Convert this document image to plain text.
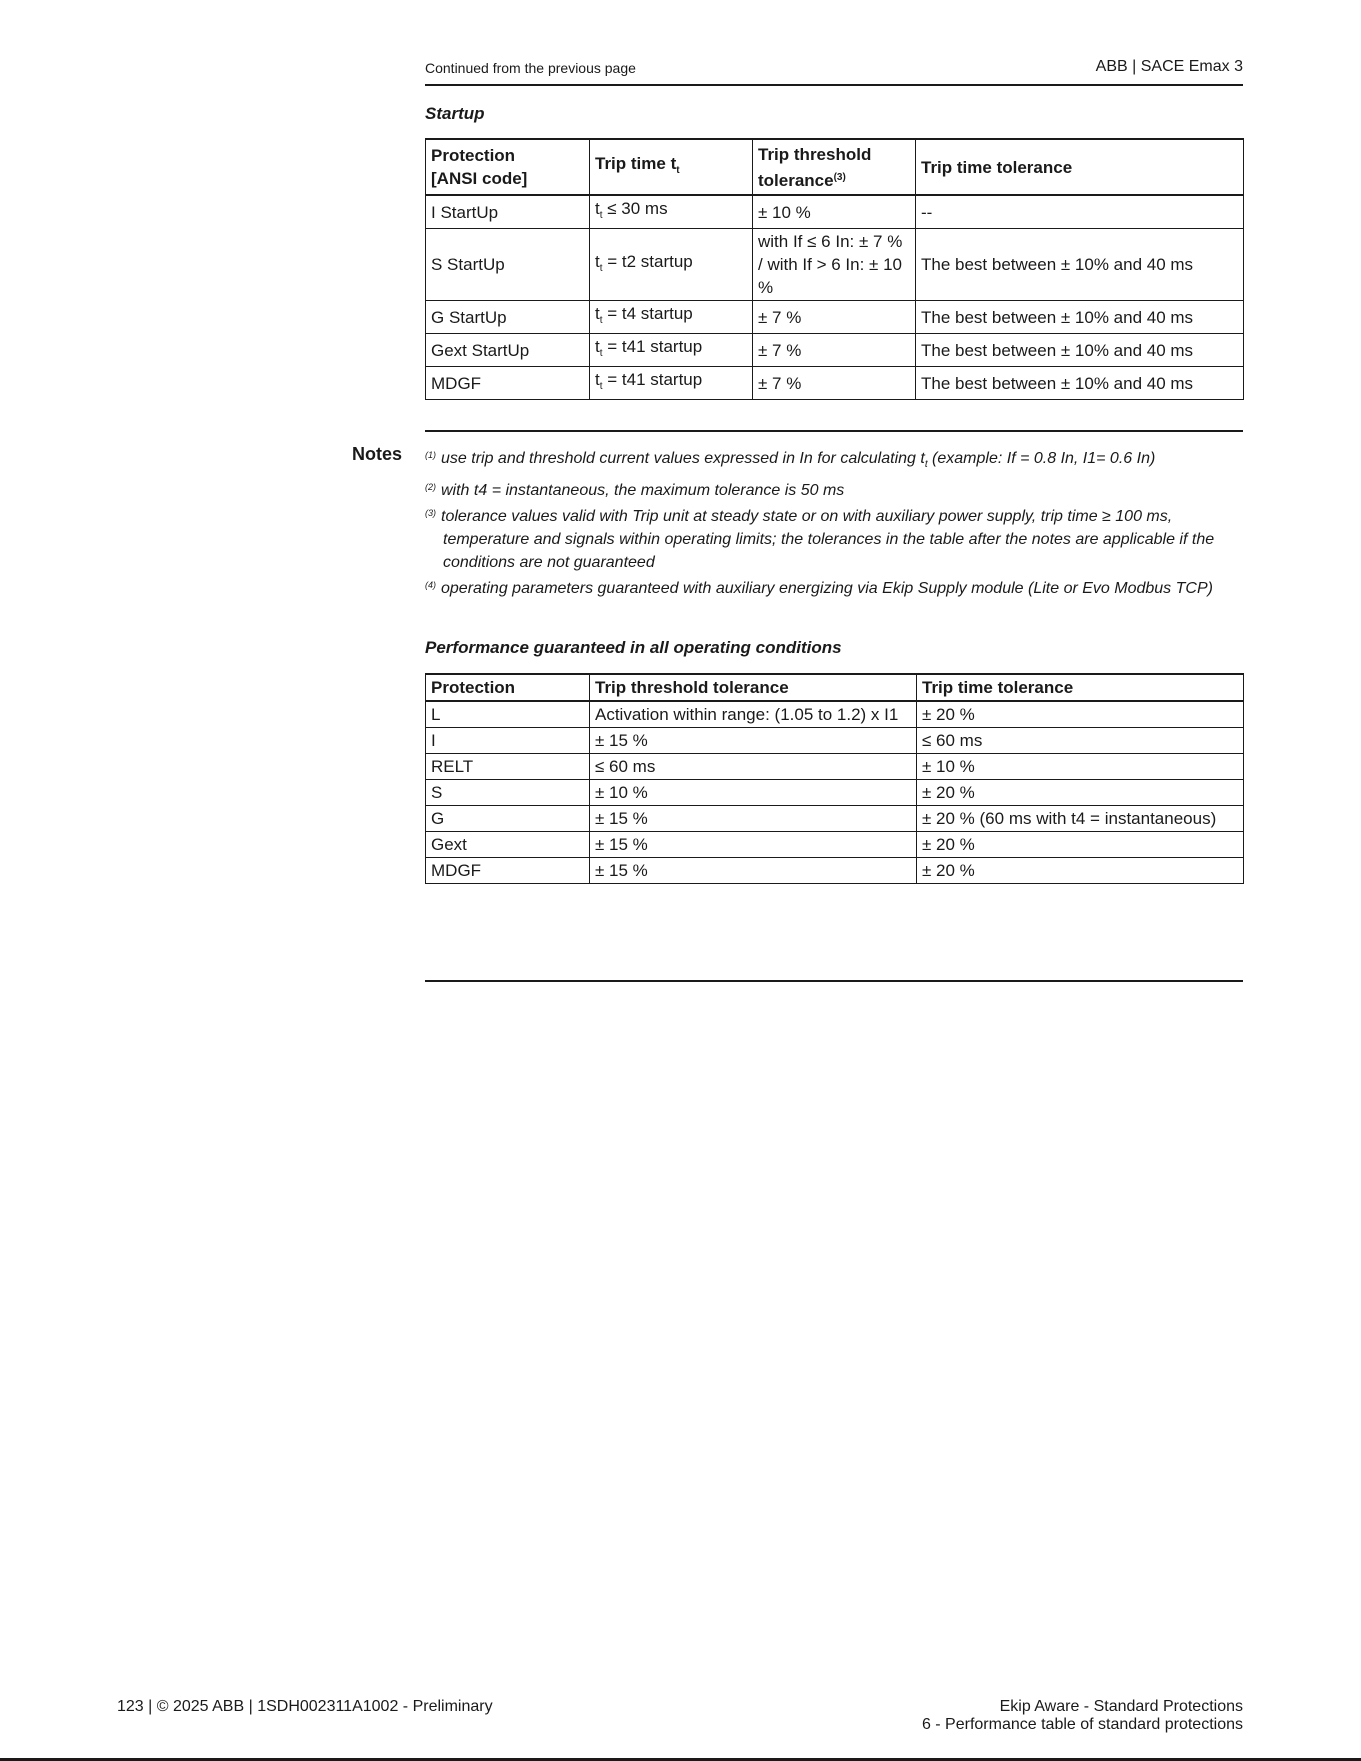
Continued from the previous page	ABB | SACE Emax 3
Startup
Protection
[ANSI code]	Trip time $t_t$	Trip threshold tolerance$^{(3)}$	Trip time tolerance
I StartUp	$t_t \le 30$ ms	± 10 %	--
S StartUp	$t_t = t2$ startup	with If ≤ 6 In: ± 7 % / with If > 6 In: ± 10 %	The best between ± 10% and 40 ms
G StartUp	$t_t = t4$ startup	± 7 %	The best between ± 10% and 40 ms
Gext StartUp	$t_t = t41$ startup	± 7 %	The best between ± 10% and 40 ms
MDGF	$t_t = t41$ startup	± 7 %	The best between ± 10% and 40 ms
Notes	$^{(1)}$ use trip and threshold current values expressed in In for calculating $t_t$ (example: If = 0.8 In, I1= 0.6 In)
$^{(2)}$ with t4 = instantaneous, the maximum tolerance is 50 ms
$^{(3)}$ tolerance values valid with Trip unit at steady state or on with auxiliary power supply, trip time ≥ 100 ms, temperature and signals within operating limits; the tolerances in the table after the notes are applicable if the conditions are not guaranteed
$^{(4)}$ operating parameters guaranteed with auxiliary energizing via Ekip Supply module (Lite or Evo Modbus TCP)
Performance guaranteed in all operating conditions
Protection	Trip threshold tolerance	Trip time tolerance
L	Activation within range: (1.05 to 1.2) x I1	± 20 %
I	± 15 %	≤ 60 ms
RELT	≤ 60 ms	± 10 %
S	± 10 %	± 20 %
G	± 15 %	± 20 % (60 ms with t4 = instantaneous)
Gext	± 15 %	± 20 %
MDGF	± 15 %	± 20 %
123 | © 2025 ABB | 1SDH002311A1002 - Preliminary	Ekip Aware - Standard Protections
6 - Performance table of standard protections
